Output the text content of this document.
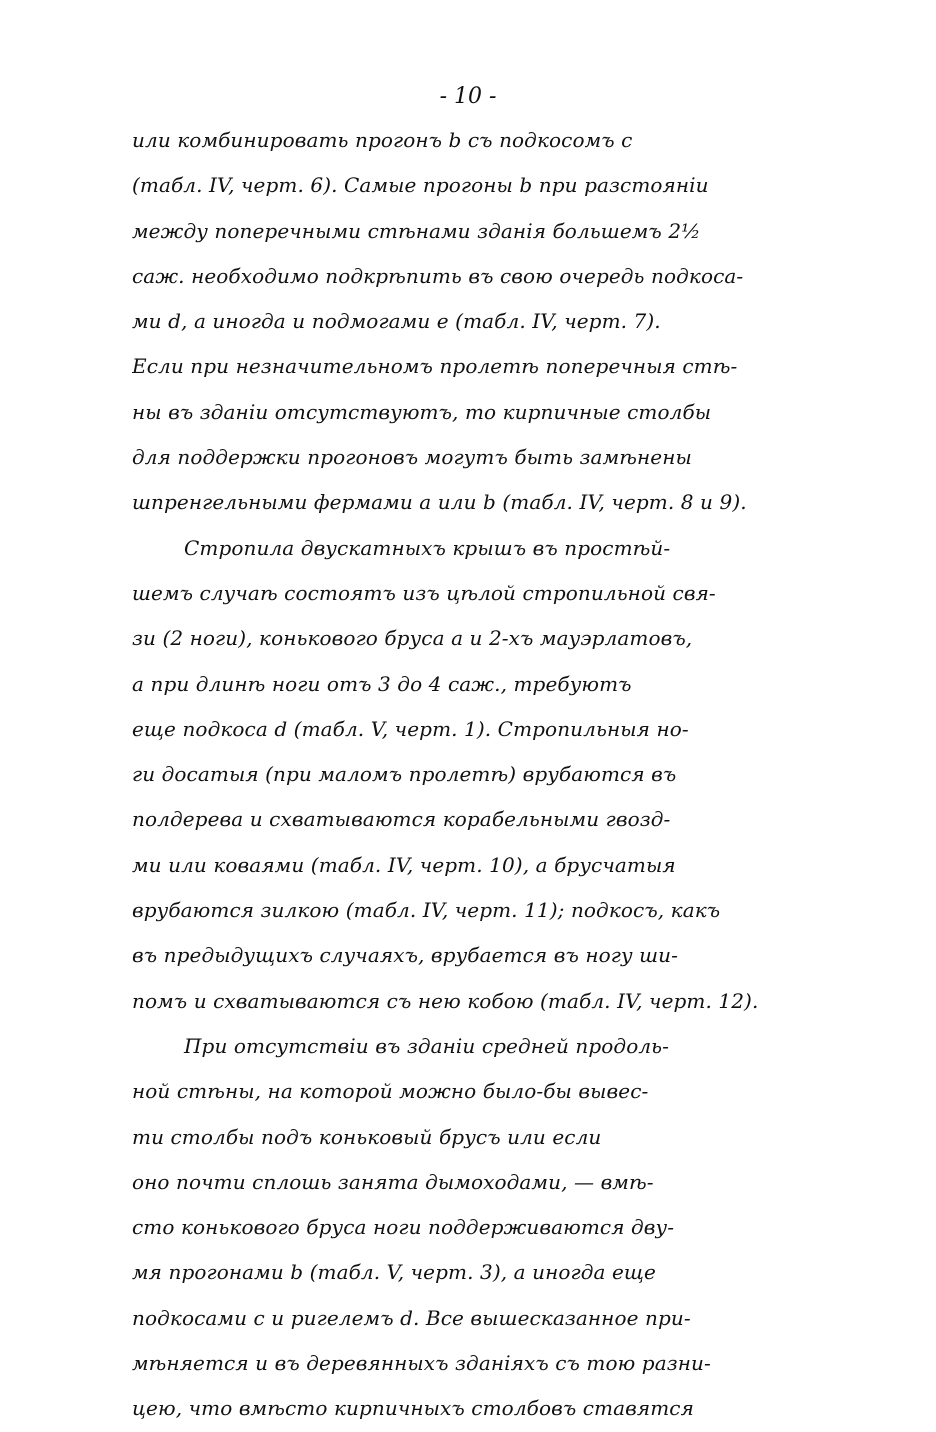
- 10 -
или комбинировать прогонъ b съ подкосомъ c
(табл. IV, черт. 6). Самые прогоны b при разстояніи
между поперечными стѣнами зданія большемъ 2½
саж. необходимо подкрѣпить въ свою очередь подкоса-
ми d, а иногда и подмогами e (табл. IV, черт. 7).
Если при незначительномъ пролетѣ поперечныя стѣ-
ны въ зданіи отсутствуютъ, то кирпичные столбы
для поддержки прогоновъ могутъ быть замѣнены
шпренгельными фермами a или b (табл. IV, черт. 8 и 9).
Стропила двускатныхъ крышъ въ простѣй-
шемъ случаѣ состоятъ изъ цѣлой стропильной свя-
зи (2 ноги), конькового бруса a и 2-хъ мауэрлатовъ,
а при длинѣ ноги отъ 3 до 4 саж., требуютъ
еще подкоса d (табл. V, черт. 1). Стропильныя но-
ги досатыя (при маломъ пролетѣ) врубаются въ
полдерева и схватываются корабельными гвозд-
ми или коваями (табл. IV, черт. 10), а брусчатыя
врубаются зилкою (табл. IV, черт. 11); подкосъ, какъ
въ предыдущихъ случаяхъ, врубается въ ногу ши-
помъ и схватываются съ нею кобою (табл. IV, черт. 12).
При отсутствіи въ зданіи средней продоль-
ной стѣны, на которой можно было-бы вывес-
ти столбы подъ коньковый брусъ или если
оно почти сплошь занята дымоходами, — вмѣ-
сто конькового бруса ноги поддерживаются дву-
мя прогонами b (табл. V, черт. 3), а иногда еще
подкосами c и ригелемъ d. Все вышесказанное при-
мѣняется и въ деревянныхъ зданіяхъ съ тою разни-
цею, что вмѣсто кирпичныхъ столбовъ ставятся
